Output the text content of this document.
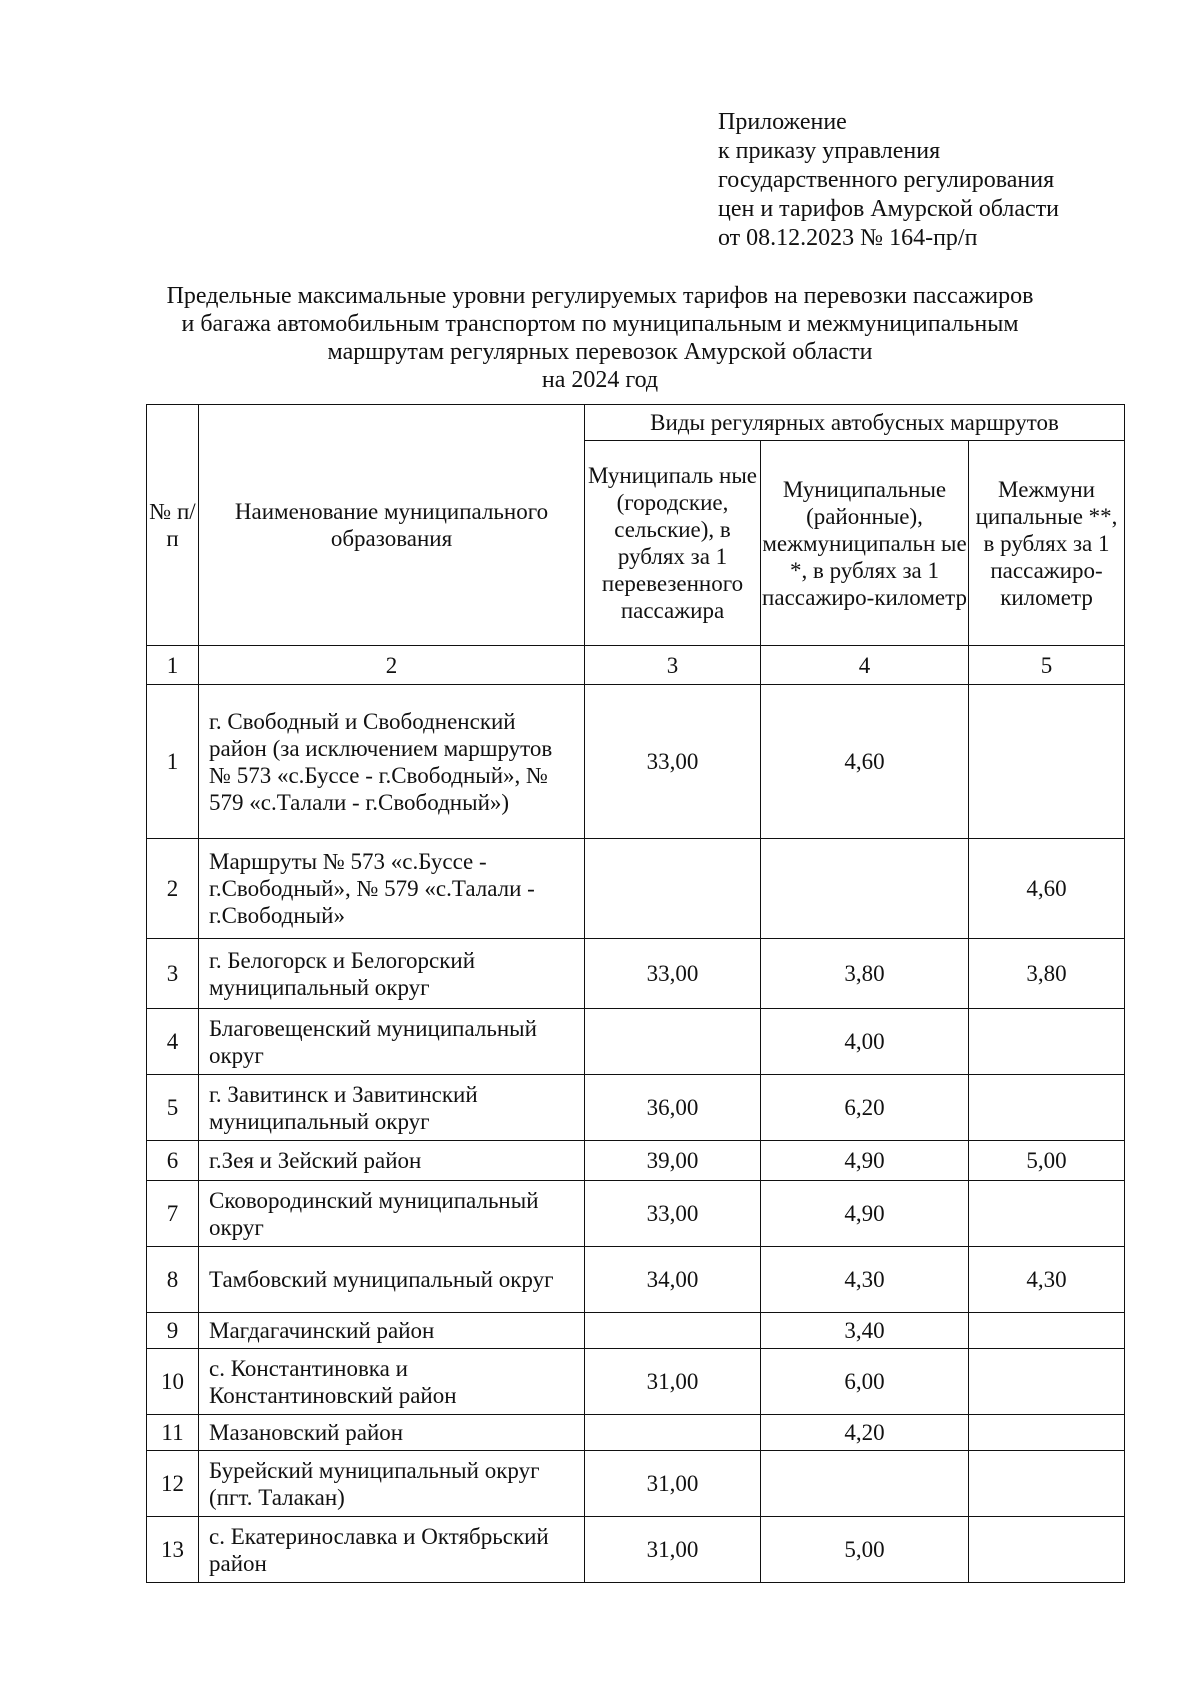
Приложение
к приказу управления
государственного регулирования
цен и тарифов Амурской области
от 08.12.2023 № 164-пр/п
Предельные максимальные уровни регулируемых тарифов на перевозки пассажиров
и багажа автомобильным транспортом по муниципальным и межмуниципальным
маршрутам регулярных перевозок Амурской области
на 2024 год
№ п/п	Наименование муниципального образования	Виды регулярных автобусных маршрутов		
		Муниципаль ные (городские, сельские), в рублях за 1 перевезенного пассажира	Муниципальные (районные), межмуниципальн ые *, в рублях за 1 пассажиро-километр	Межмуни ципальные **, в рублях за 1 пассажиро-километр
1	2	3	4	5
1	г. Свободный и Свободненский район (за исключением маршрутов № 573 «с.Буссе - г.Свободный», № 579 «с.Талали - г.Свободный»)	33,00	4,60	
2	Маршруты № 573 «с.Буссе - г.Свободный», № 579 «с.Талали - г.Свободный»			4,60
3	г. Белогорск и Белогорский муниципальный округ	33,00	3,80	3,80
4	Благовещенский муниципальный округ		4,00	
5	г. Завитинск и Завитинский муниципальный округ	36,00	6,20	
6	г.Зея и Зейский район	39,00	4,90	5,00
7	Сковородинский муниципальный округ	33,00	4,90	
8	Тамбовский муниципальный округ	34,00	4,30	4,30
9	Магдагачинский район		3,40	
10	с. Константиновка и Константиновский район	31,00	6,00	
11	Мазановский район		4,20	
12	Бурейский муниципальный округ (пгт. Талакан)	31,00		
13	с. Екатеринославка и Октябрьский район	31,00	5,00	
